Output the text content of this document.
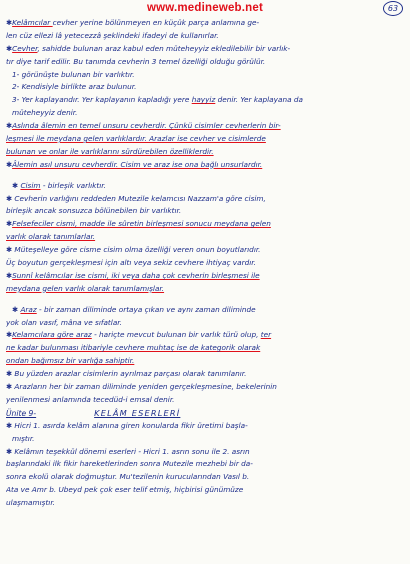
www.medineweb.net	63
✱Kelâmcılar cevher yerine bölünmeyen en küçük parça anlamına ge-
len cüz ellezi lâ yetecezzâ şeklindeki ifadeyi de kullanırlar.
✱Cevher, sahidde bulunan araz kabul eden müteheyyiz ekledilebilir bir varlık-
tır diye tarif edilir. Bu tanımda cevherin 3 temel özelliği olduğu görülür.
1- görünüşte bulunan bir varlıktır.
2- Kendisiyle birlikte araz bulunur.
3- Yer kaplayandır. Yer kaplayanın kapladığı yere hayyiz denir. Yer kaplayana da
müteheyyiz denir.
✱Aslında âlemin en temel unsuru cevherdir. Çünkü cisimler cevherlerin bir-
leşmesi ile meydana gelen varlıklardır. Arazlar ise cevher ve cisimlerde
bulunan ve onlar ile varlıklarını sürdürebilen özelliklerdir.
✱Âlemin asıl unsuru cevherdir. Cisim ve araz ise ona bağlı unsurlardır.
✱ Cisim - birleşik varlıktır.
✱ Cevherin varlığını reddeden Mutezile kelamcısı Nazzam'a göre cisim,
birleşik ancak sonsuzca bölünebilen bir varlıktır.
✱Felsefeciler cismi, madde ile sûretin birleşmesi sonucu meydana gelen
varlık olarak tanımlarlar.
✱ Müteşelleye göre cisme cisim olma özelliği veren onun boyutlarıdır.
Üç boyutun gerçekleşmesi için altı veya sekiz cevhere ihtiyaç vardır.
✱Sunnî kelâmcılar ise cismi, iki veya daha çok cevherin birleşmesi ile
meydana gelen varlık olarak tanımlamışlar.
✱ Araz - bir zaman diliminde ortaya çıkan ve aynı zaman diliminde
yok olan vasıf, mâna ve sıfatlar.
✱Kelamcılara göre araz - hariçte mevcut bulunan bir varlık türü olup, ter
ne kadar bulunması itibariyle cevhere muhtaç ise de kategorik olarak
ondan bağımsız bir varlığa sahiptir.
✱ Bu yüzden arazlar cisimlerin ayrılmaz parçası olarak tanımlanır.
✱ Arazların her bir zaman diliminde yeniden gerçekleşmesine, bekelerinin
yenilenmesi anlamında tecedüd-i emsal denir.
Ünite 9-	KELÂM ESERLERİ
✱ Hicri 1. asırda kelâm alanına giren konularda fikir üretimi başla-
mıştır.
✱ Kelâmın teşekkül dönemi eserleri - Hicri 1. asrın sonu ile 2. asrın
başlarındaki ilk fikir hareketlerinden sonra Mutezile mezhebi bir da-
sonra ekolü olarak doğmuştur. Mu'tezilenin kurucularından Vasıl b.
Ata ve Amr b. Ubeyd pek çok eser telif etmiş, hiçbirisi günümüze
ulaşmamıştır.
